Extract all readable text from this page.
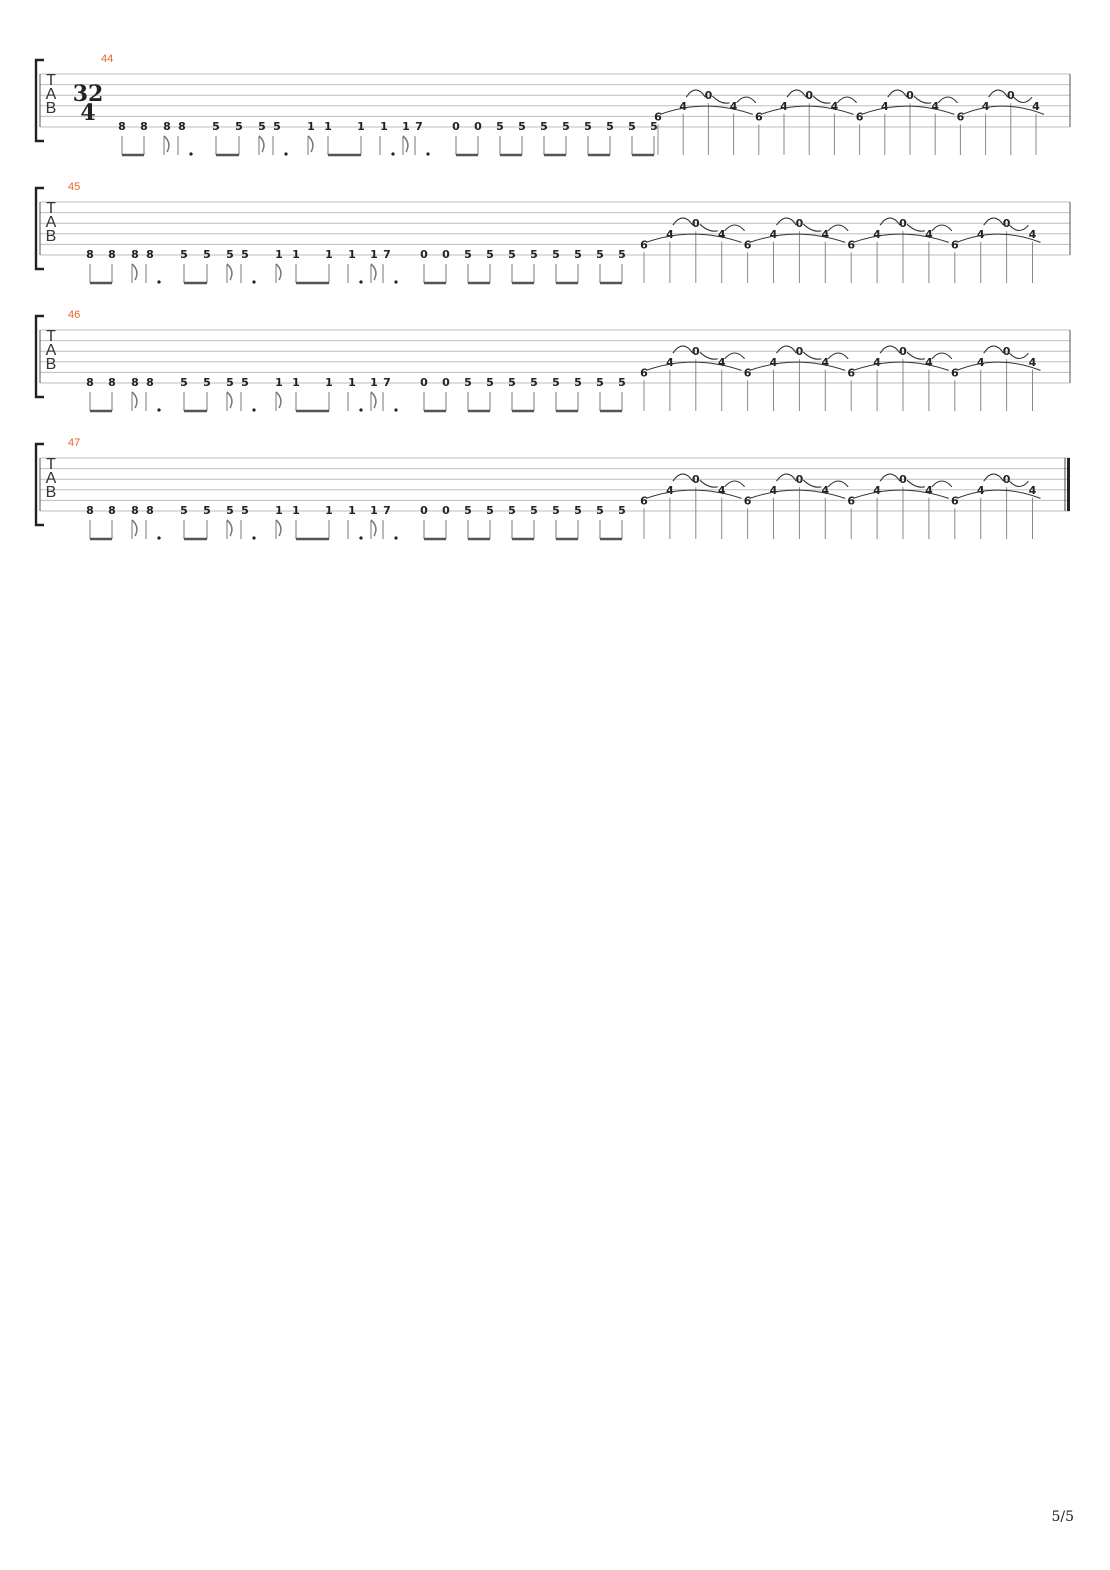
44
T
A
B
32
4
8 8 8 8 5 5 5 5 1 1 1 1 1 7	0 0 5 5 5 5 5 5 5 5
6
4
0
4
6
4
0
4
6
4
0
4
6
4
0
4
45
T
A
B
8 8 8 8 5 5 5 5 1 1 1 1 1 7	0 0 5 5 5 5 5 5 5 5
6
4
0
4
6
4
0
4
6
4
0
4
6
4
0
4
46
T
A
B
8 8 8 8 5 5 5 5 1 1 1 1 1 7	0 0 5 5 5 5 5 5 5 5
6
4
0
4
6
4
0
4
6
4
0
4
6
4
0
4
47
T
A
B
8 8 8 8 5 5 5 5 1 1 1 1 1 7	0 0 5 5 5 5 5 5 5 5
6
4
0
4
6
4
0
4
6
4
0
4
6
4
0
4
5/5
